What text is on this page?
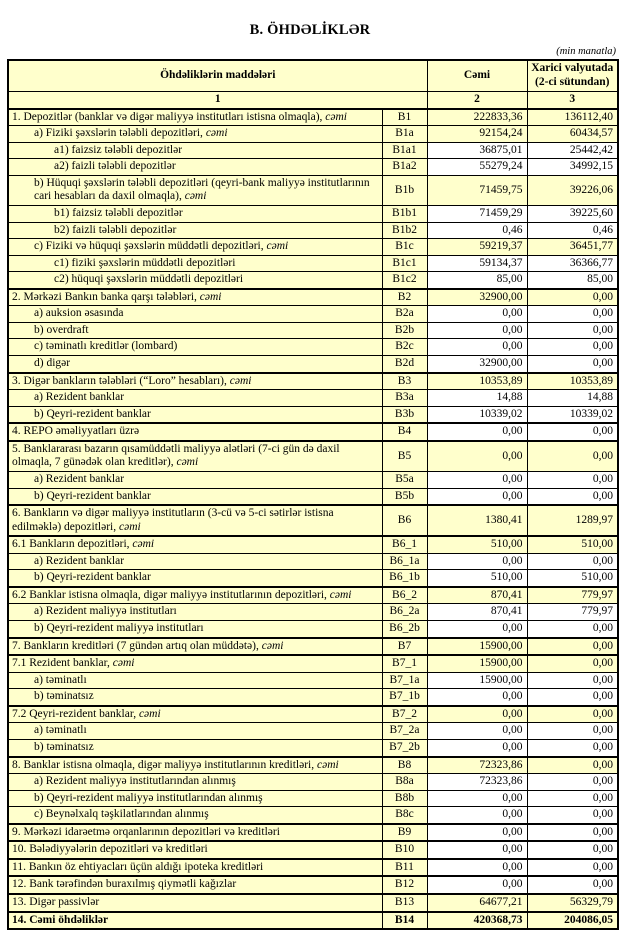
B. ÖHDƏLİKLƏR
(min manatla)
Öhdəliklərin maddələri		Cəmi	Xarici valyutada (2-ci sütundan)
1		2	3
1. Depozitlər (banklar və digər maliyyə institutları istisna olmaqla), cəmi	B1	222833,36	136112,40
a) Fiziki şəxslərin tələbli depozitləri, cəmi	B1a	92154,24	60434,57
a1) faizsiz tələbli depozitlər	B1a1	36875,01	25442,42
a2) faizli tələbli depozitlər	B1a2	55279,24	34992,15
b) Hüquqi şəxslərin tələbli depozitləri (qeyri-bank maliyyə institutlarının cari hesabları da daxil olmaqla), cəmi	B1b	71459,75	39226,06
b1) faizsiz tələbli depozitlər	B1b1	71459,29	39225,60
b2) faizli tələbli depozitlər	B1b2	0,46	0,46
c) Fiziki və hüquqi şəxslərin müddətli depozitləri, cəmi	B1c	59219,37	36451,77
c1) fiziki şəxslərin müddətli depozitləri	B1c1	59134,37	36366,77
c2) hüquqi şəxslərin müddətli depozitləri	B1c2	85,00	85,00
2. Mərkəzi Bankın banka qarşı tələbləri, cəmi	B2	32900,00	0,00
a) auksion əsasında	B2a	0,00	0,00
b) overdraft	B2b	0,00	0,00
c) təminatlı kreditlər (lombard)	B2c	0,00	0,00
d) digər	B2d	32900,00	0,00
3. Digər bankların tələbləri (“Loro” hesabları), cəmi	B3	10353,89	10353,89
a) Rezident banklar	B3a	14,88	14,88
b) Qeyri-rezident banklar	B3b	10339,02	10339,02
4. REPO əməliyyatları üzrə	B4	0,00	0,00
5. Banklararası bazarın qısamüddətli maliyyə alətləri (7-ci gün də daxil olmaqla, 7 günədək olan kreditlər), cəmi	B5	0,00	0,00
a) Rezident banklar	B5a	0,00	0,00
b) Qeyri-rezident banklar	B5b	0,00	0,00
6. Bankların və digər maliyyə institutların (3-cü və 5-ci sətirlər istisna edilməklə) depozitləri, cəmi	B6	1380,41	1289,97
6.1 Bankların depozitləri, cəmi	B6_1	510,00	510,00
a) Rezident banklar	B6_1a	0,00	0,00
b) Qeyri-rezident banklar	B6_1b	510,00	510,00
6.2 Banklar istisna olmaqla, digər maliyyə institutlarının depozitləri, cəmi	B6_2	870,41	779,97
a) Rezident maliyyə institutları	B6_2a	870,41	779,97
b) Qeyri-rezident maliyyə institutları	B6_2b	0,00	0,00
7. Bankların kreditləri (7 gündən artıq olan müddətə), cəmi	B7	15900,00	0,00
7.1 Rezident banklar, cəmi	B7_1	15900,00	0,00
a) təminatlı	B7_1a	15900,00	0,00
b) təminatsız	B7_1b	0,00	0,00
7.2 Qeyri-rezident banklar, cəmi	B7_2	0,00	0,00
a) təminatlı	B7_2a	0,00	0,00
b) təminatsız	B7_2b	0,00	0,00
8. Banklar istisna olmaqla, digər maliyyə institutlarının kreditləri, cəmi	B8	72323,86	0,00
a) Rezident maliyyə institutlarından alınmış	B8a	72323,86	0,00
b) Qeyri-rezident maliyyə institutlarından alınmış	B8b	0,00	0,00
c) Beynəlxalq təşkilatlarından alınmış	B8c	0,00	0,00
9. Mərkəzi idarəetmə orqanlarının depozitləri və kreditləri	B9	0,00	0,00
10. Bələdiyyələrin depozitləri və kreditləri	B10	0,00	0,00
11. Bankın öz ehtiyacları üçün aldığı ipoteka kreditləri	B11	0,00	0,00
12. Bank tərəfindən buraxılmış qiymətli kağızlar	B12	0,00	0,00
13. Digər passivlər	B13	64677,21	56329,79
14. Cəmi öhdəliklər	B14	420368,73	204086,05
